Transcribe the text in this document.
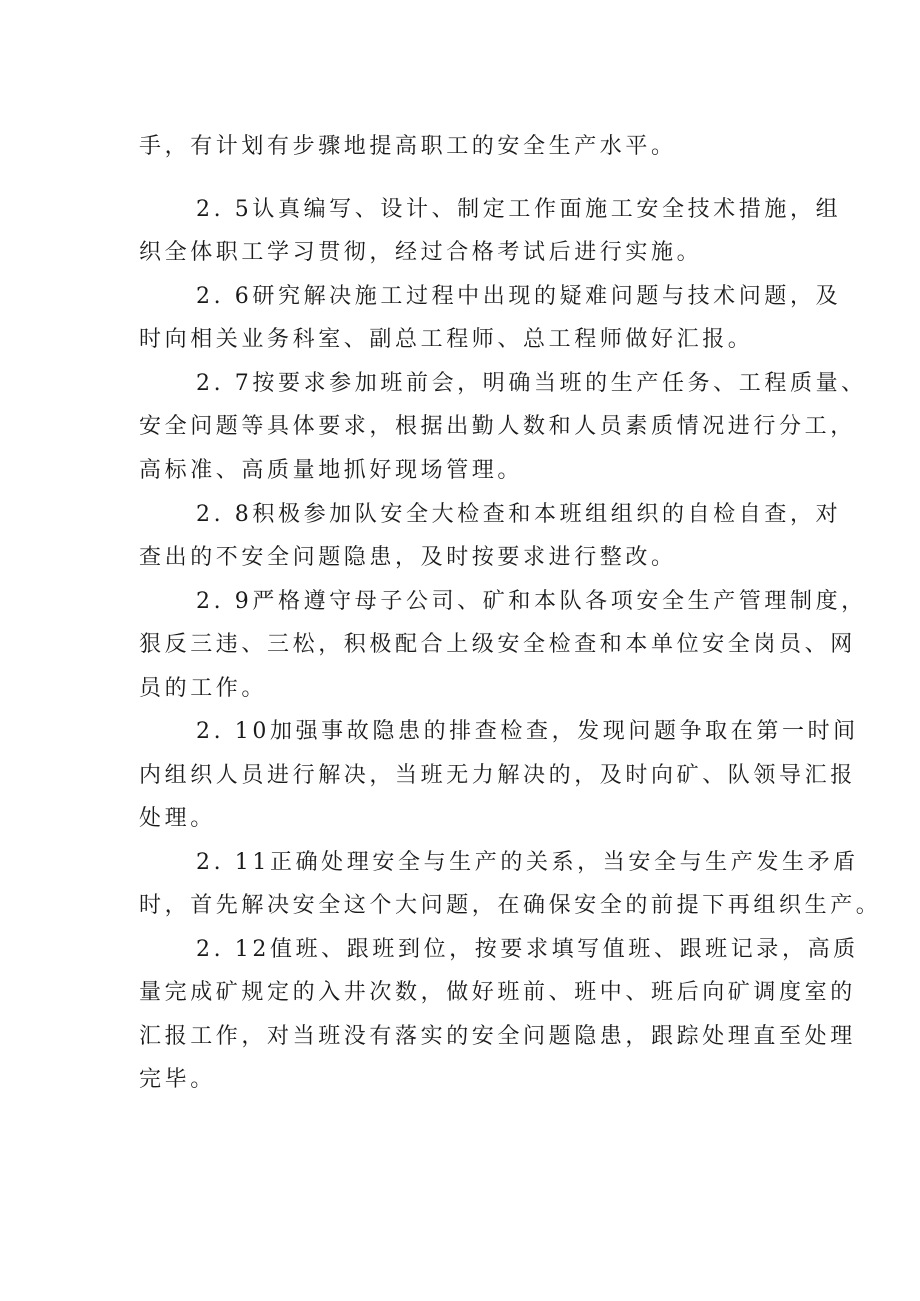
手，有计划有步骤地提高职工的安全生产水平。
2. 5认真编写、设计、制定工作面施工安全技术措施，组
织全体职工学习贯彻，经过合格考试后进行实施。
2. 6研究解决施工过程中出现的疑难问题与技术问题，及
时向相关业务科室、副总工程师、总工程师做好汇报。
2. 7按要求参加班前会，明确当班的生产任务、工程质量、
安全问题等具体要求，根据出勤人数和人员素质情况进行分工，
高标准、高质量地抓好现场管理。
2. 8积极参加队安全大检查和本班组组织的自检自查，对
查出的不安全问题隐患，及时按要求进行整改。
2. 9严格遵守母子公司、矿和本队各项安全生产管理制度，
狠反三违、三松，积极配合上级安全检查和本单位安全岗员、网
员的工作。
2. 10加强事故隐患的排查检查，发现问题争取在第一时间
内组织人员进行解决，当班无力解决的，及时向矿、队领导汇报
处理。
2. 11正确处理安全与生产的关系，当安全与生产发生矛盾
时，首先解决安全这个大问题，在确保安全的前提下再组织生产。
2. 12值班、跟班到位，按要求填写值班、跟班记录，高质
量完成矿规定的入井次数，做好班前、班中、班后向矿调度室的
汇报工作，对当班没有落实的安全问题隐患，跟踪处理直至处理
完毕。
